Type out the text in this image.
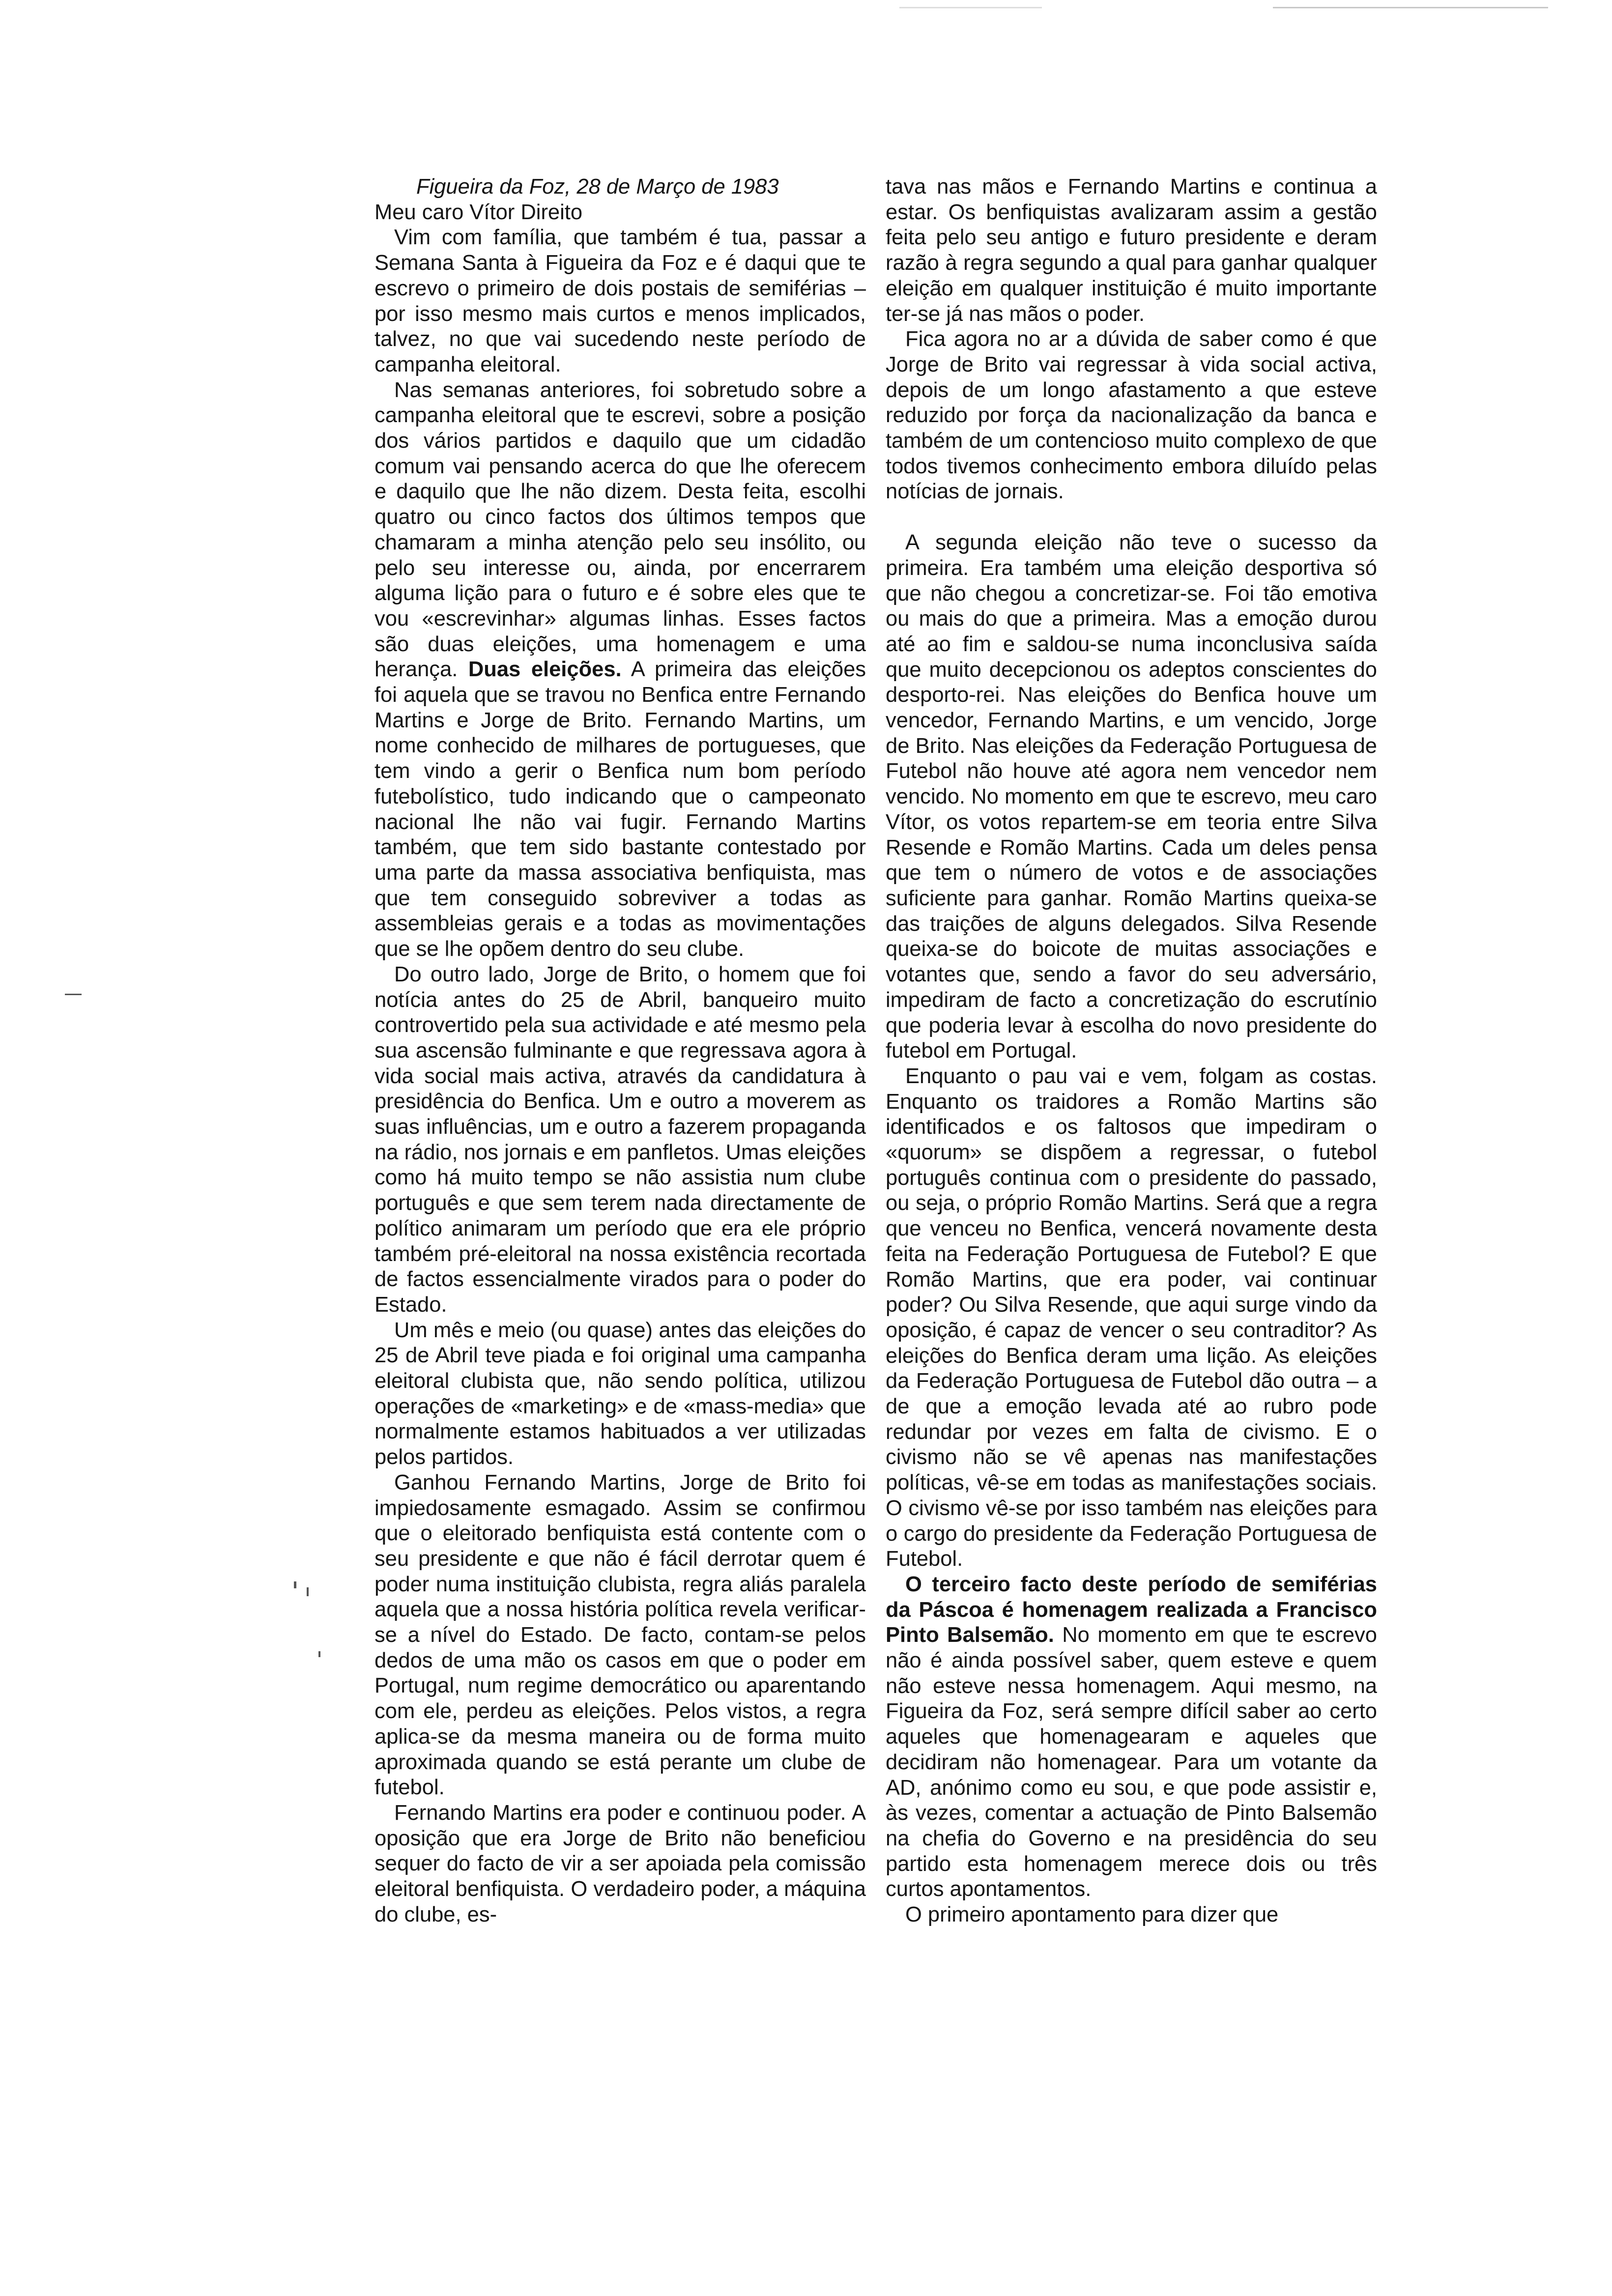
Figueira da Foz, 28 de Março de 1983

Meu caro Vítor Direito

Vim com família, que também é tua, passar a Semana Santa à Figueira da Foz e é daqui que te escrevo o primeiro de dois postais de semiférias – por isso mesmo mais curtos e menos implicados, talvez, no que vai sucedendo neste período de campanha eleitoral.

Nas semanas anteriores, foi sobretudo sobre a campanha eleitoral que te escrevi, sobre a posição dos vários partidos e daquilo que um cidadão comum vai pensando acerca do que lhe oferecem e daquilo que lhe não dizem. Desta feita, escolhi quatro ou cinco factos dos últimos tempos que chamaram a minha atenção pelo seu insólito, ou pelo seu interesse ou, ainda, por encerrarem alguma lição para o futuro e é sobre eles que te vou «escrevinhar» algumas linhas. Esses factos são duas eleições, uma homenagem e uma herança. Duas eleições. A primeira das eleições foi aquela que se travou no Benfica entre Fernando Martins e Jorge de Brito. Fernando Martins, um nome conhecido de milhares de portugueses, que tem vindo a gerir o Benfica num bom período futebolístico, tudo indicando que o campeonato nacional lhe não vai fugir. Fernando Martins também, que tem sido bastante contestado por uma parte da massa associativa benfiquista, mas que tem conseguido sobreviver a todas as assembleias gerais e a todas as movimentações que se lhe opõem dentro do seu clube.

Do outro lado, Jorge de Brito, o homem que foi notícia antes do 25 de Abril, banqueiro muito controvertido pela sua actividade e até mesmo pela sua ascensão fulminante e que regressava agora à vida social mais activa, através da candidatura à presidência do Benfica. Um e outro a moverem as suas influências, um e outro a fazerem propaganda na rádio, nos jornais e em panfletos. Umas eleições como há muito tempo se não assistia num clube português e que sem terem nada directamente de político animaram um período que era ele próprio também pré-eleitoral na nossa existência recortada de factos essencialmente virados para o poder do Estado.

Um mês e meio (ou quase) antes das eleições do 25 de Abril teve piada e foi original uma campanha eleitoral clubista que, não sendo política, utilizou operações de «marketing» e de «mass-media» que normalmente estamos habituados a ver utilizadas pelos partidos.

Ganhou Fernando Martins, Jorge de Brito foi impiedosamente esmagado. Assim se confirmou que o eleitorado benfiquista está contente com o seu presidente e que não é fácil derrotar quem é poder numa instituição clubista, regra aliás paralela aquela que a nossa história política revela verificar-se a nível do Estado. De facto, contam-se pelos dedos de uma mão os casos em que o poder em Portugal, num regime democrático ou aparentando com ele, perdeu as eleições. Pelos vistos, a regra aplica-se da mesma maneira ou de forma muito aproximada quando se está perante um clube de futebol.

Fernando Martins era poder e continuou poder. A oposição que era Jorge de Brito não beneficiou sequer do facto de vir a ser apoiada pela comissão eleitoral benfiquista. O verdadeiro poder, a máquina do clube, es-

tava nas mãos e Fernando Martins e continua a estar. Os benfiquistas avalizaram assim a gestão feita pelo seu antigo e futuro presidente e deram razão à regra segundo a qual para ganhar qualquer eleição em qualquer instituição é muito importante ter-se já nas mãos o poder.

Fica agora no ar a dúvida de saber como é que Jorge de Brito vai regressar à vida social activa, depois de um longo afastamento a que esteve reduzido por força da nacionalização da banca e também de um contencioso muito complexo de que todos tivemos conhecimento embora diluído pelas notícias de jornais.

A segunda eleição não teve o sucesso da primeira. Era também uma eleição desportiva só que não chegou a concretizar-se. Foi tão emotiva ou mais do que a primeira. Mas a emoção durou até ao fim e saldou-se numa inconclusiva saída que muito decepcionou os adeptos conscientes do desporto-rei. Nas eleições do Benfica houve um vencedor, Fernando Martins, e um vencido, Jorge de Brito. Nas eleições da Federação Portuguesa de Futebol não houve até agora nem vencedor nem vencido. No momento em que te escrevo, meu caro Vítor, os votos repartem-se em teoria entre Silva Resende e Romão Martins. Cada um deles pensa que tem o número de votos e de associações suficiente para ganhar. Romão Martins queixa-se das traições de alguns delegados. Silva Resende queixa-se do boicote de muitas associações e votantes que, sendo a favor do seu adversário, impediram de facto a concretização do escrutínio que poderia levar à escolha do novo presidente do futebol em Portugal.

Enquanto o pau vai e vem, folgam as costas. Enquanto os traidores a Romão Martins são identificados e os faltosos que impediram o «quorum» se dispõem a regressar, o futebol português continua com o presidente do passado, ou seja, o próprio Romão Martins. Será que a regra que venceu no Benfica, vencerá novamente desta feita na Federação Portuguesa de Futebol? E que Romão Martins, que era poder, vai continuar poder? Ou Silva Resende, que aqui surge vindo da oposição, é capaz de vencer o seu contraditor? As eleições do Benfica deram uma lição. As eleições da Federação Portuguesa de Futebol dão outra – a de que a emoção levada até ao rubro pode redundar por vezes em falta de civismo. E o civismo não se vê apenas nas manifestações políticas, vê-se em todas as manifestações sociais. O civismo vê-se por isso também nas eleições para o cargo do presidente da Federação Portuguesa de Futebol.

O terceiro facto deste período de semiférias da Páscoa é homenagem realizada a Francisco Pinto Balsemão. No momento em que te escrevo não é ainda possível saber, quem esteve e quem não esteve nessa homenagem. Aqui mesmo, na Figueira da Foz, será sempre difícil saber ao certo aqueles que homenagearam e aqueles que decidiram não homenagear. Para um votante da AD, anónimo como eu sou, e que pode assistir e, às vezes, comentar a actuação de Pinto Balsemão na chefia do Governo e na presidência do seu partido esta homenagem merece dois ou três curtos apontamentos.

O primeiro apontamento para dizer que
